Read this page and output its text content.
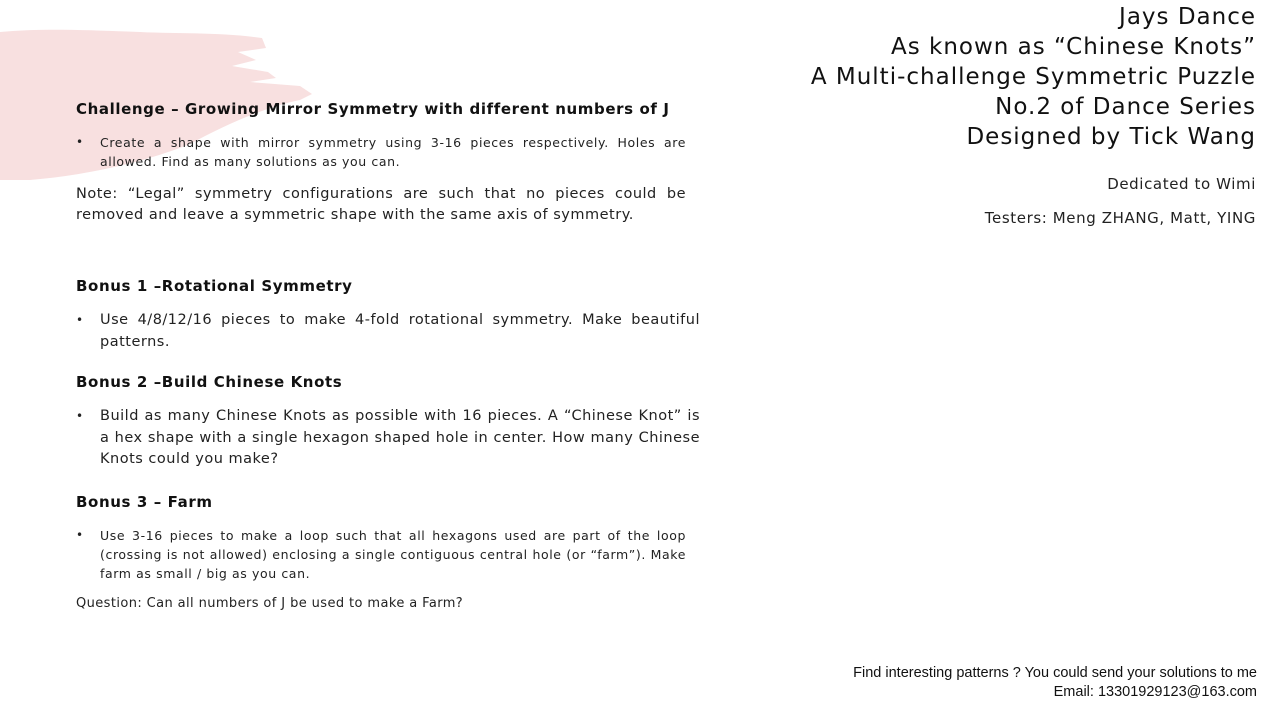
Jays Dance
As known as “Chinese Knots”
A Multi-challenge Symmetric Puzzle
No.2 of Dance Series
Designed by Tick Wang
Dedicated to Wimi
Testers: Meng ZHANG, Matt, YING
Challenge – Growing Mirror Symmetry with different numbers of J
•	Create a shape with mirror symmetry using 3-16 pieces respectively. Holes are allowed. Find as many solutions as you can.
Note: “Legal” symmetry configurations are such that no pieces could be removed and leave a symmetric shape with the same axis of symmetry.
Bonus 1 –Rotational Symmetry
•	Use 4/8/12/16 pieces to make 4-fold rotational symmetry. Make beautiful patterns.
Bonus 2 –Build Chinese Knots
•	Build as many Chinese Knots as possible with 16 pieces. A “Chinese Knot” is a hex shape with a single hexagon shaped hole in center. How many Chinese Knots could you make?
Bonus 3 – Farm
•	Use 3-16 pieces to make a loop such that all hexagons used are part of the loop (crossing is not allowed) enclosing a single contiguous central hole (or “farm”). Make farm as small / big as you can.
Question: Can all numbers of J be used to make a Farm?
Find interesting patterns ? You could send your solutions to me
Email: 13301929123@163.com
